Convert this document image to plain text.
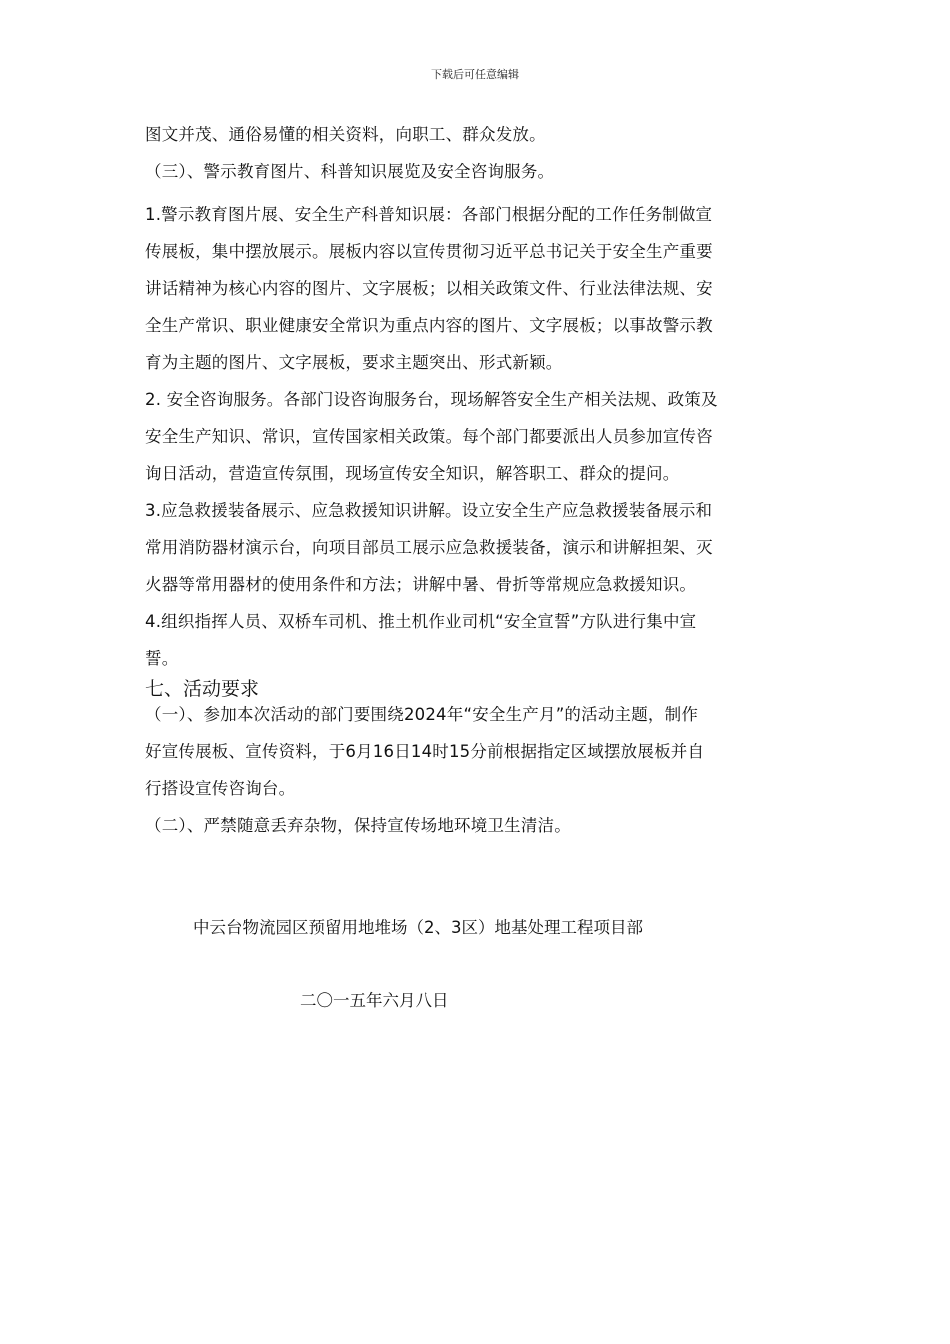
下载后可任意编辑
图文并茂、通俗易懂的相关资料，向职工、群众发放。
（三）、警示教育图片、科普知识展览及安全咨询服务。
1.警示教育图片展、安全生产科普知识展：各部门根据分配的工作任务制做宣
传展板，集中摆放展示。展板内容以宣传贯彻习近平总书记关于安全生产重要
讲话精神为核心内容的图片、文字展板；以相关政策文件、行业法律法规、安
全生产常识、职业健康安全常识为重点内容的图片、文字展板；以事故警示教
育为主题的图片、文字展板，要求主题突出、形式新颖。
2. 安全咨询服务。各部门设咨询服务台，现场解答安全生产相关法规、政策及
安全生产知识、常识，宣传国家相关政策。每个部门都要派出人员参加宣传咨
询日活动，营造宣传氛围，现场宣传安全知识，解答职工、群众的提问。
3.应急救援装备展示、应急救援知识讲解。设立安全生产应急救援装备展示和
常用消防器材演示台，向项目部员工展示应急救援装备，演示和讲解担架、灭
火器等常用器材的使用条件和方法；讲解中暑、骨折等常规应急救援知识。
4.组织指挥人员、双桥车司机、推土机作业司机“安全宣誓”方队进行集中宣
誓。
七、活动要求
（一）、参加本次活动的部门要围绕2024年“安全生产月”的活动主题，制作
好宣传展板、宣传资料，于6月16日14时15分前根据指定区域摆放展板并自
行搭设宣传咨询台。
（二）、严禁随意丢弃杂物，保持宣传场地环境卫生清洁。
中云台物流园区预留用地堆场（2、3区）地基处理工程项目部
二〇一五年六月八日
